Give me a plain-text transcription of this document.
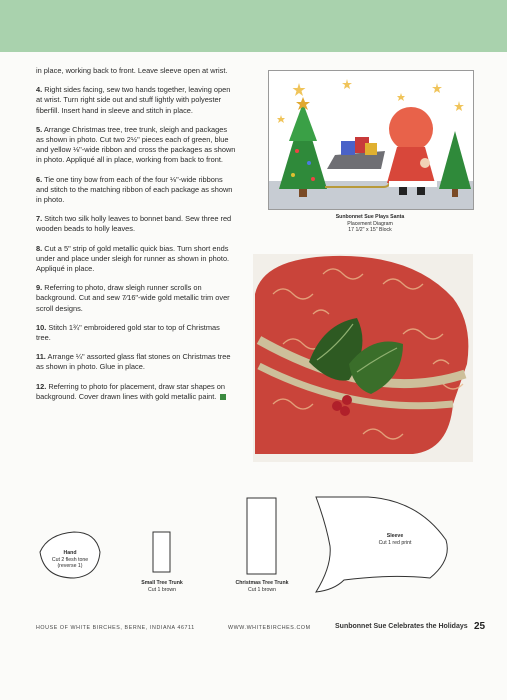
in place, working back to front. Leave sleeve open at wrist.

4. Right sides facing, sew two hands together, leaving open at wrist. Turn right side out and stuff lightly with polyester fiberfill. Insert hand in sleeve and stitch in place.

5. Arrange Christmas tree, tree trunk, sleigh and packages as shown in photo. Cut two 2½" pieces each of green, blue and yellow ⅛"-wide ribbon and cross the packages as shown in photo. Appliqué all in place, working from back to front.

6. Tie one tiny bow from each of the four ⅛"-wide ribbons and stitch to the matching ribbon of each package as shown in photo.

7. Stitch two silk holly leaves to bonnet band. Sew three red wooden beads to holly leaves.

8. Cut a 5" strip of gold metallic quick bias. Turn short ends under and place under sleigh for runner as shown in photo. Appliqué in place.

9. Referring to photo, draw sleigh runner scrolls on background. Cut and sew 7⁄16"-wide gold metallic trim over scroll designs.

10. Stitch 1¾" embroidered gold star to top of Christmas tree.

11. Arrange ¼" assorted glass flat stones on Christmas tree as shown in photo. Glue in place.

12. Referring to photo for placement, draw star shapes on background. Cover drawn lines with gold metallic paint.

Sunbonnet Sue Plays Santa
Placement Diagram
17 1/2" x 15" Block
Hand
Cut 2 flesh tone
(reverse 1)
Small Tree Trunk
Cut 1 brown
Christmas Tree Trunk
Cut 1 brown
Sleeve
Cut 1 red print
HOUSE OF WHITE BIRCHES, BERNE, INDIANA 46711	WWW.WHITEBIRCHES.COM	Sunbonnet Sue Celebrates the Holidays 25
